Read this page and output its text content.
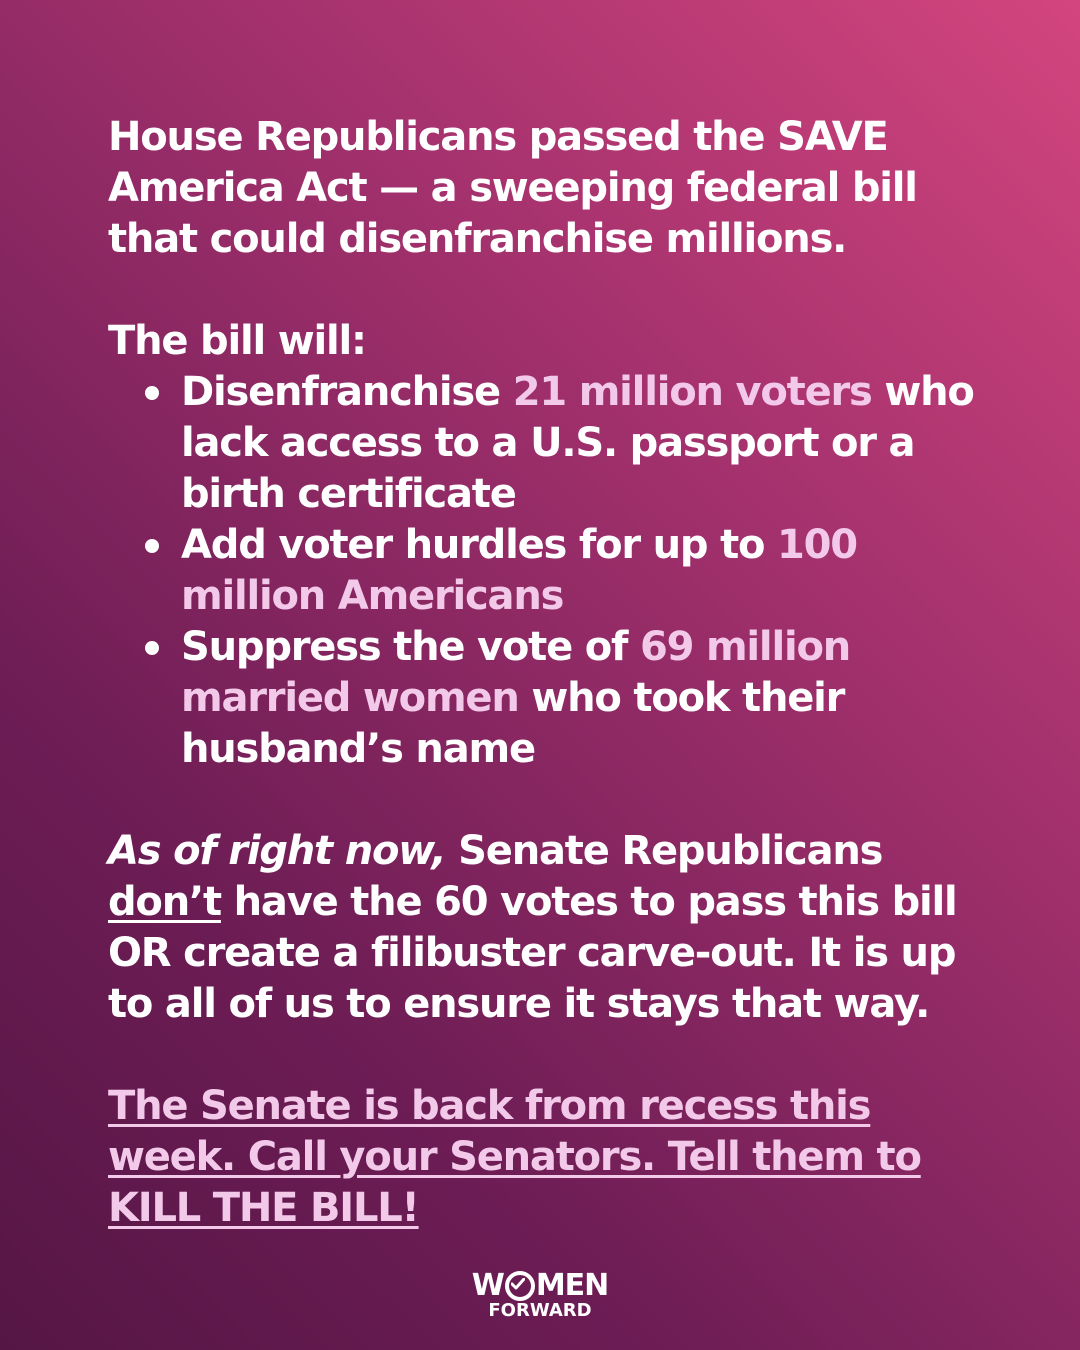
House Republicans passed the SAVE America Act — a sweeping federal bill that could disenfranchise millions.

The bill will:

Disenfranchise 21 million voters who lack access to a U.S. passport or a birth certificate
Add voter hurdles for up to 100 million Americans
Suppress the vote of 69 million married women who took their husband’s name

As of right now, Senate Republicans don’t have the 60 votes to pass this bill OR create a filibuster carve-out. It is up to all of us to ensure it stays that way.

The Senate is back from recess this week. Call your Senators. Tell them to KILL THE BILL!

W MEN
FORWARD
